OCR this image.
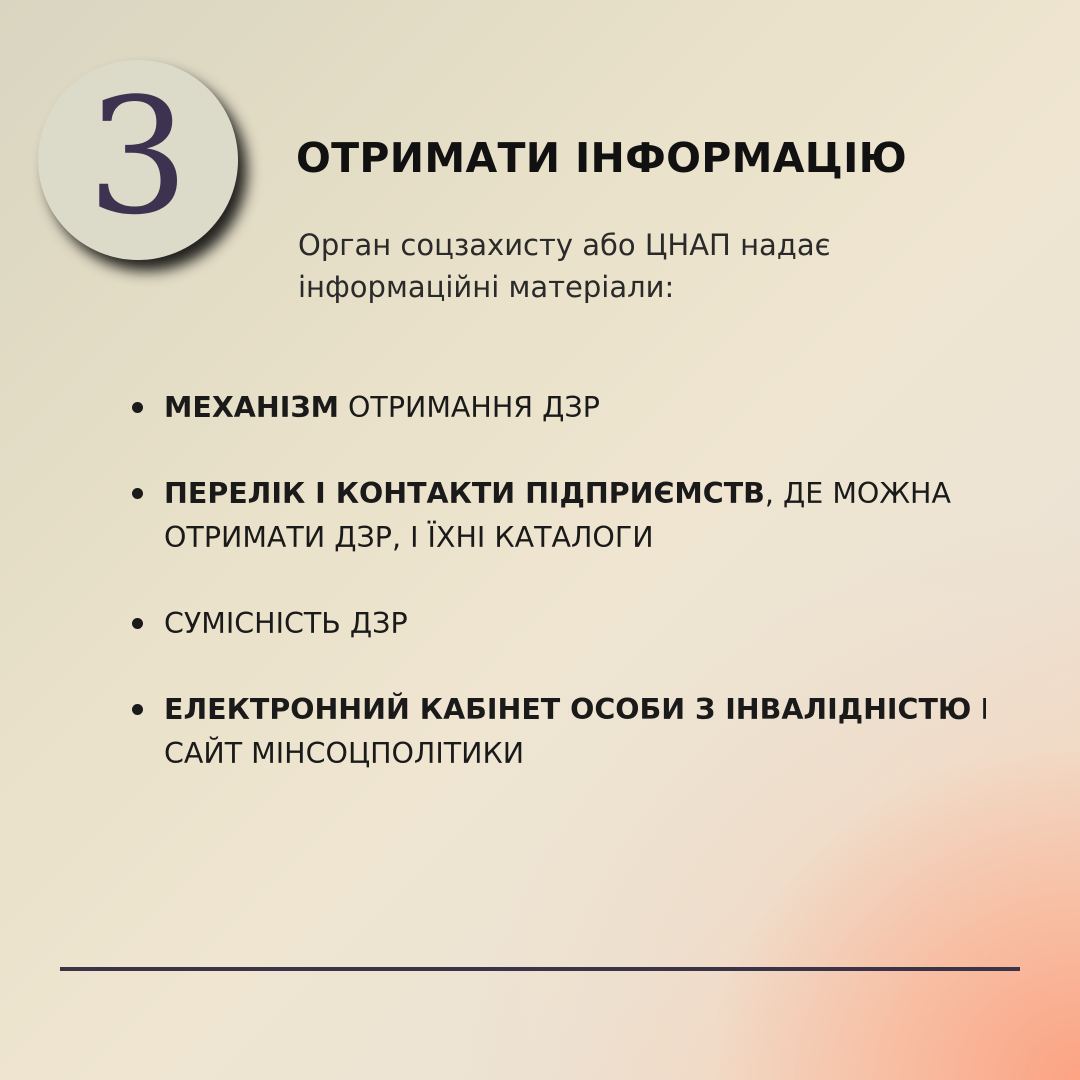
3	ОТРИМАТИ ІНФОРМАЦІЮ
Орган соцзахисту або ЦНАП надає інформаційні матеріали:
МЕХАНІЗМ ОТРИМАННЯ ДЗР
ПЕРЕЛІК І КОНТАКТИ ПІДПРИЄМСТВ, ДЕ МОЖНА ОТРИМАТИ ДЗР, І ЇХНІ КАТАЛОГИ
СУМІСНІСТЬ ДЗР
ЕЛЕКТРОННИЙ КАБІНЕТ ОСОБИ З ІНВАЛІДНІСТЮ І САЙТ МІНСОЦПОЛІТИКИ
